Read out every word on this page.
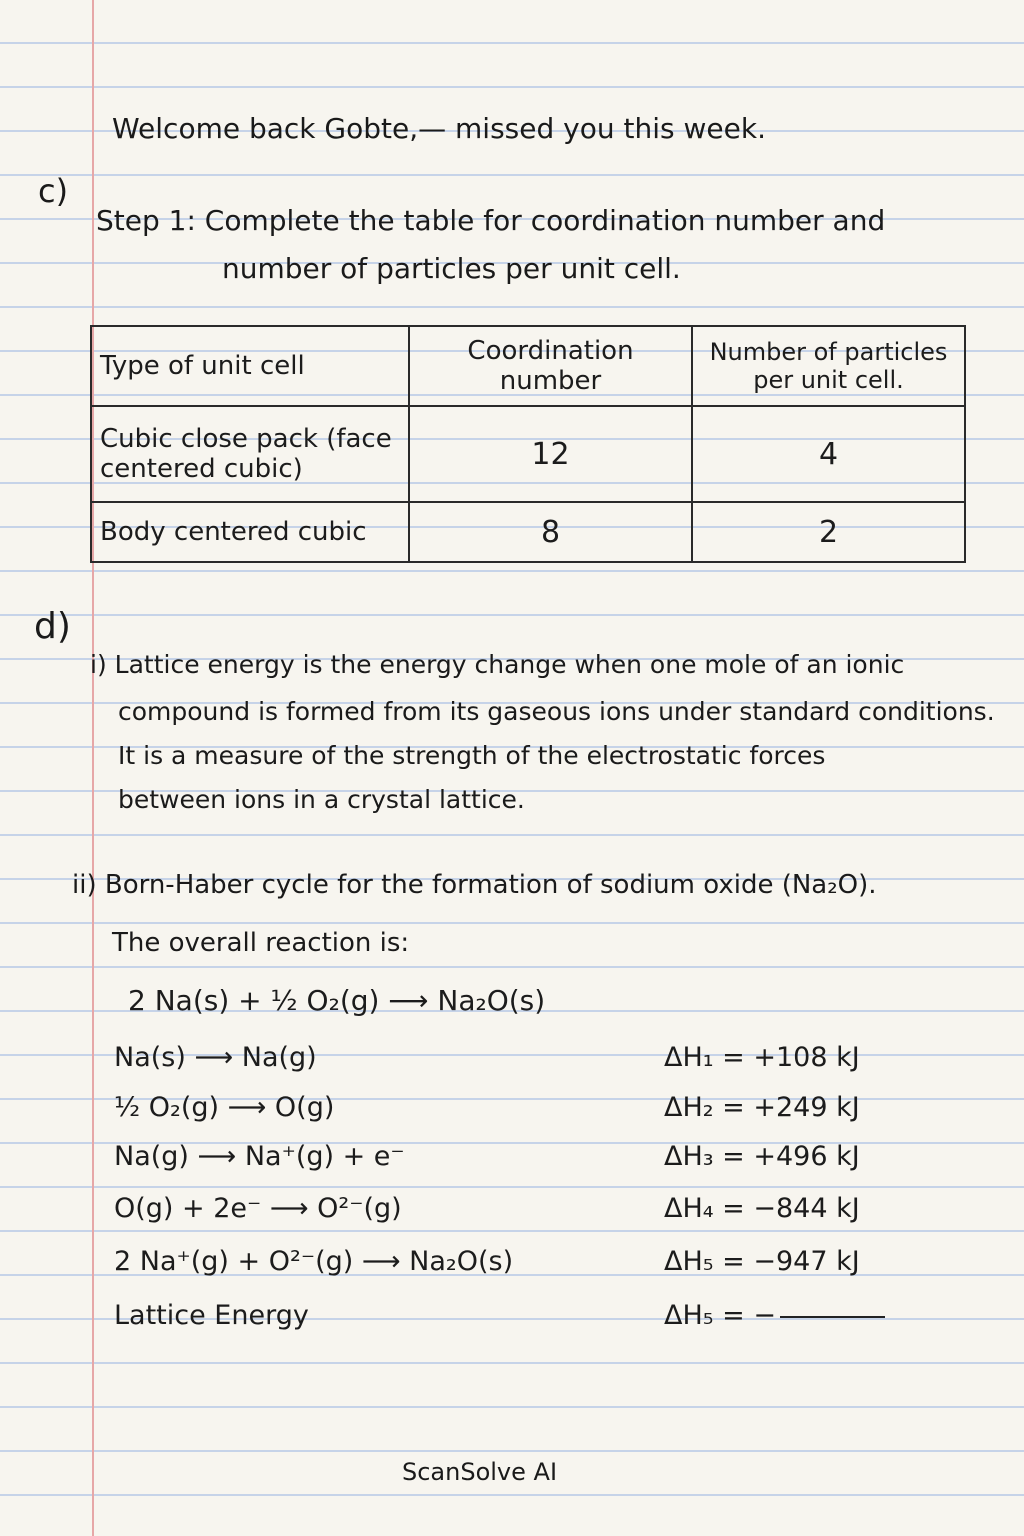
Welcome back Gobte,— missed you this week.
c)
Step 1: Complete the table for coordination number and
number of particles per unit cell.
Type of unit cell	Coordination number	Number of particles per unit cell.
Cubic close pack (face centered cubic)	12	4
Body centered cubic	8	2
d)
i) Lattice energy is the energy change when one mole of an ionic
compound is formed from its gaseous ions under standard conditions.
It is a measure of the strength of the electrostatic forces
between ions in a crystal lattice.
ii) Born-Haber cycle for the formation of sodium oxide (Na₂O).
The overall reaction is:
2 Na(s) + ½ O₂(g) ⟶ Na₂O(s)
Na(s) ⟶ Na(g)	ΔH₁ = +108 kJ
½ O₂(g) ⟶ O(g)	ΔH₂ = +249 kJ
Na(g) ⟶ Na⁺(g) + e⁻	ΔH₃ = +496 kJ
O(g) + 2e⁻ ⟶ O²⁻(g)	ΔH₄ = −844 kJ
2 Na⁺(g) + O²⁻(g) ⟶ Na₂O(s)	ΔH₅ = −947 kJ
Lattice Energy	ΔH₅ = −
ScanSolve AI
